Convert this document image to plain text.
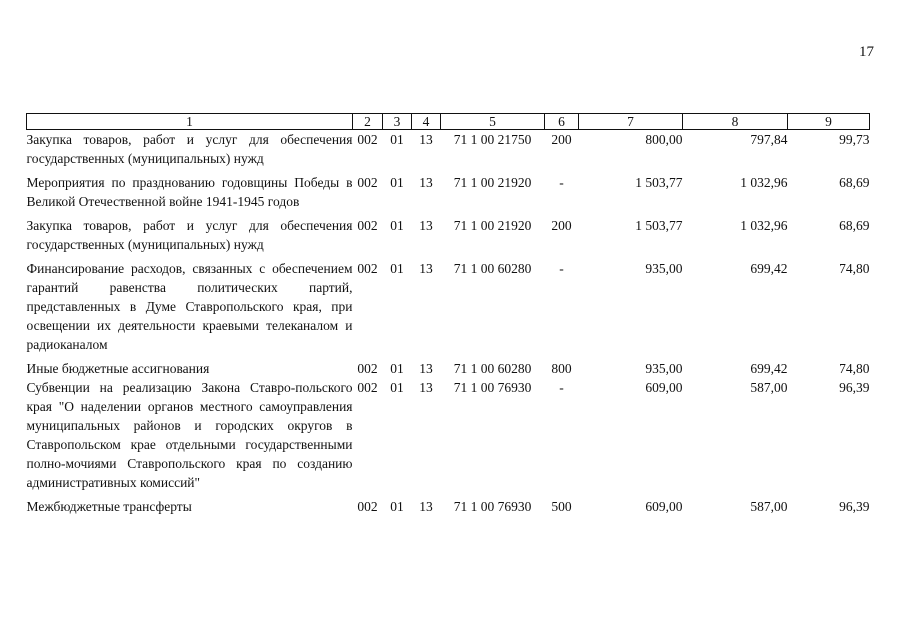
17
1	2	3	4	5	6	7	8	9
Закупка товаров, работ и услуг для обеспечения государственных (муниципальных) нужд	002	01	13	71 1 00 21750	200	800,00	797,84	99,73

Мероприятия по празднованию годовщины Победы в Великой Отечественной войне 1941-1945 годов	002	01	13	71 1 00 21920	-	1 503,77	1 032,96	68,69

Закупка товаров, работ и услуг для обеспечения государственных (муниципальных) нужд	002	01	13	71 1 00 21920	200	1 503,77	1 032,96	68,69

Финансирование расходов, связанных с обеспечением гарантий равенства политических партий, представленных в Думе Ставропольского края, при освещении их деятельности краевыми телеканалом и радиоканалом	002	01	13	71 1 00 60280	-	935,00	699,42	74,80

Иные бюджетные ассигнования	002	01	13	71 1 00 60280	800	935,00	699,42	74,80
Субвенции на реализацию Закона Ставро-польского края "О наделении органов местного самоуправления муниципальных районов и городских округов в Ставропольском крае отдельными государственными полно-мочиями Ставропольского края по созданию административных комиссий"	002	01	13	71 1 00 76930	-	609,00	587,00	96,39

Межбюджетные трансферты	002	01	13	71 1 00 76930	500	609,00	587,00	96,39
